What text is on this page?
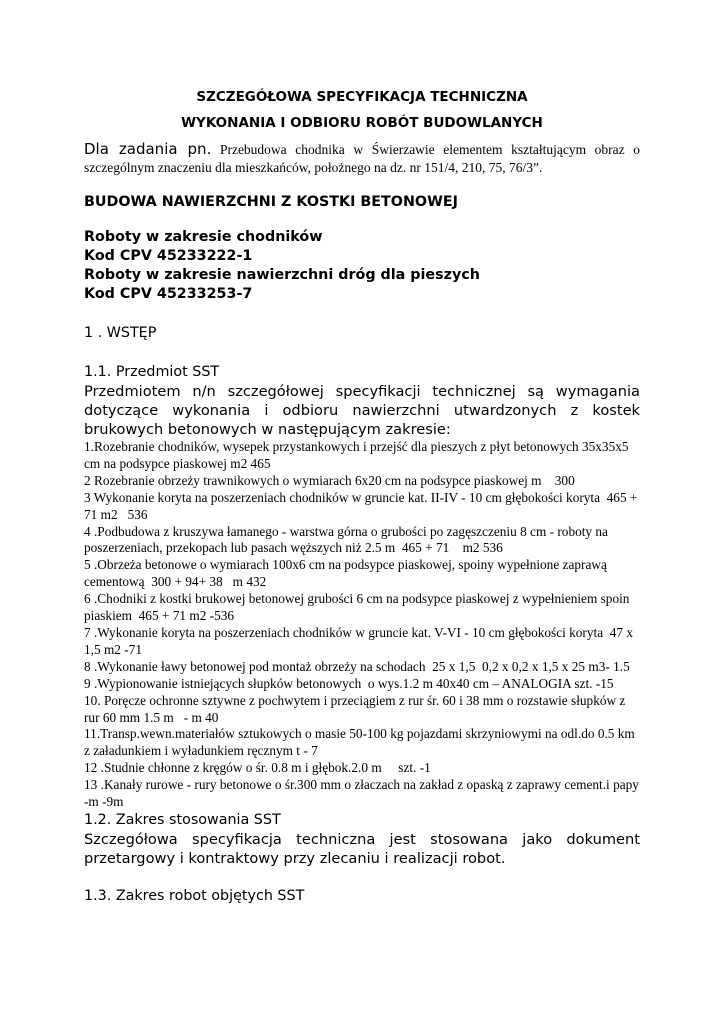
SZCZEGÓŁOWA SPECYFIKACJA TECHNICZNA

WYKONANIA I ODBIORU ROBÓT BUDOWLANYCH

Dla zadania pn. Przebudowa chodnika w Świerzawie elementem kształtującym obraz o szczególnym znaczeniu dla mieszkańców, położnego na dz. nr 151/4, 210, 75, 76/3”.

BUDOWA NAWIERZCHNI Z KOSTKI BETONOWEJ

Roboty w zakresie chodników
Kod CPV 45233222-1
Roboty w zakresie nawierzchni dróg dla pieszych
Kod CPV 45233253-7
1 . WSTĘP
1.1. Przedmiot SST
Przedmiotem n/n szczegółowej specyfikacji technicznej są wymagania dotyczące wykonania i odbioru nawierzchni utwardzonych z kostek brukowych betonowych w następującym zakresie:
1.Rozebranie chodników, wysepek przystankowych i przejść dla pieszych z płyt betonowych 35x35x5 cm na podsypce piaskowej m2 465
2 Rozebranie obrzeży trawnikowych o wymiarach 6x20 cm na podsypce piaskowej m    300
3 Wykonanie koryta na poszerzeniach chodników w gruncie kat. II-IV - 10 cm głębokości koryta  465 + 71 m2   536
4 .Podbudowa z kruszywa łamanego - warstwa górna o grubości po zagęszczeniu 8 cm - roboty na poszerzeniach, przekopach lub pasach węższych niż 2.5 m  465 + 71    m2 536
5 .Obrzeża betonowe o wymiarach 100x6 cm na podsypce piaskowej, spoiny wypełnione zaprawą cementową  300 + 94+ 38   m 432
6 .Chodniki z kostki brukowej betonowej grubości 6 cm na podsypce piaskowej z wypełnieniem spoin piaskiem  465 + 71 m2 -536
7 .Wykonanie koryta na poszerzeniach chodników w gruncie kat. V-VI - 10 cm głębokości koryta  47 x 1,5 m2 -71
8 .Wykonanie ławy betonowej pod montaż obrzeży na schodach  25 x 1,5  0,2 x 0,2 x 1,5 x 25 m3- 1.5
9 .Wypionowanie istniejących słupków betonowych  o wys.1.2 m 40x40 cm – ANALOGIA szt. -15
10. Poręcze ochronne sztywne z pochwytem i przeciągiem z rur śr. 60 i 38 mm o rozstawie słupków z rur 60 mm 1.5 m   - m 40
11.Transp.wewn.materiałów sztukowych o masie 50-100 kg pojazdami skrzyniowymi na odl.do 0.5 km z załadunkiem i wyładunkiem ręcznym t - 7
12 .Studnie chłonne z kręgów o śr. 0.8 m i głębok.2.0 m     szt. -1
13 .Kanały rurowe - rury betonowe o śr.300 mm o złaczach na zakład z opaską z zaprawy cement.i papy  -m -9m
1.2. Zakres stosowania SST
Szczegółowa specyfikacja techniczna jest stosowana jako dokument przetargowy i kontraktowy przy zlecaniu i realizacji robot.
1.3. Zakres robot objętych SST
